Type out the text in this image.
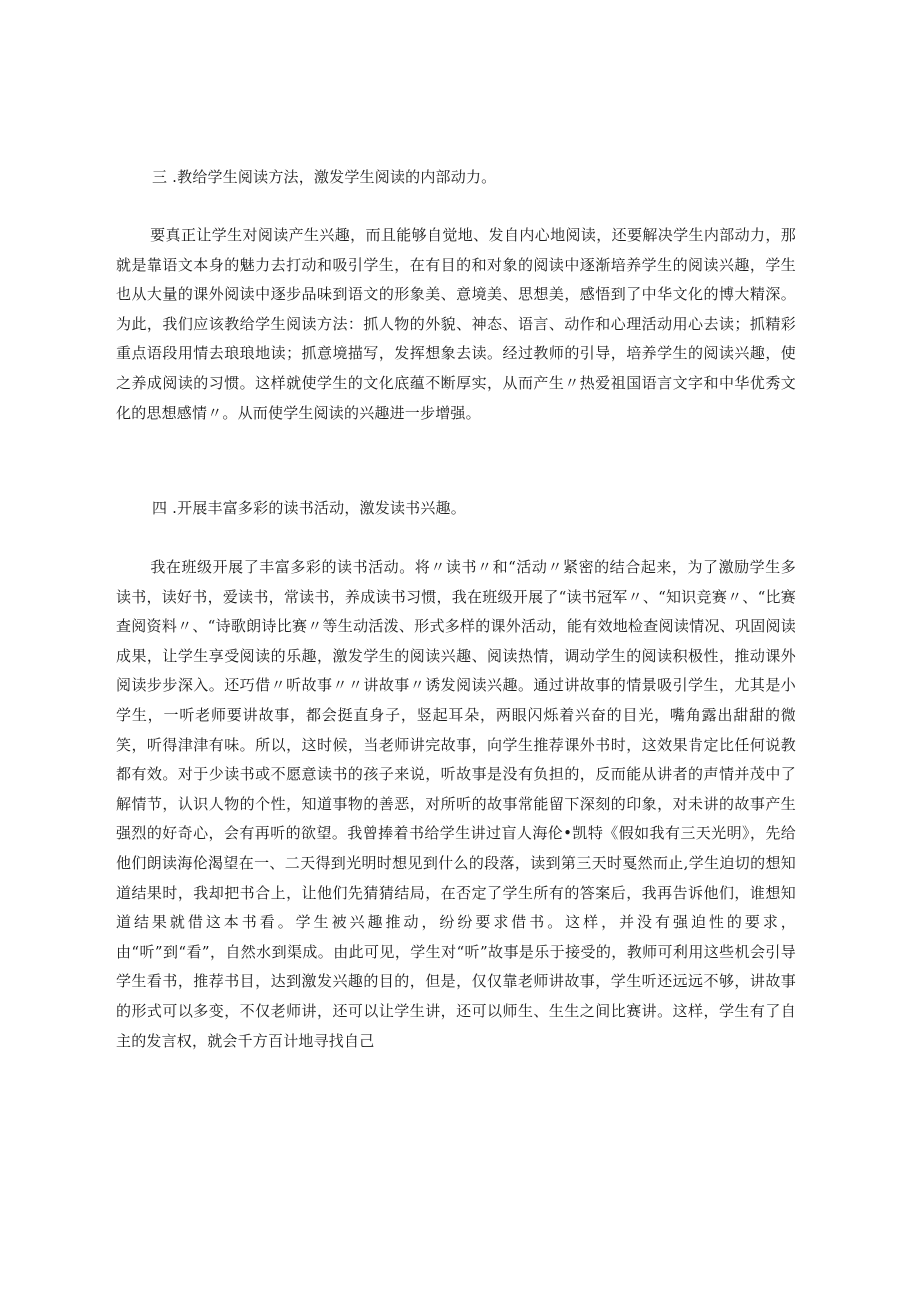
三 .教给学生阅读方法，激发学生阅读的内部动力。
要真正让学生对阅读产生兴趣，而且能够自觉地、发自内心地阅读，还要解决学生内部动力，那就是靠语文本身的魅力去打动和吸引学生，在有目的和对象的阅读中逐渐培养学生的阅读兴趣，学生也从大量的课外阅读中逐步品味到语文的形象美、意境美、思想美，感悟到了中华文化的博大精深。为此，我们应该教给学生阅读方法：抓人物的外貌、神态、语言、动作和心理活动用心去读；抓精彩重点语段用情去琅琅地读；抓意境描写，发挥想象去读。经过教师的引导，培养学生的阅读兴趣，使之养成阅读的习惯。这样就使学生的文化底蕴不断厚实，从而产生〃热爱祖国语言文字和中华优秀文化的思想感情〃。从而使学生阅读的兴趣进一步增强。
四 .开展丰富多彩的读书活动，激发读书兴趣。
我在班级开展了丰富多彩的读书活动。将〃读书〃和“活动〃紧密的结合起来，为了激励学生多读书，读好书，爱读书，常读书，养成读书习惯，我在班级开展了“读书冠军〃、“知识竞赛〃、“比赛查阅资料〃、“诗歌朗诗比赛〃等生动活泼、形式多样的课外活动，能有效地检查阅读情况、巩固阅读成果，让学生享受阅读的乐趣，激发学生的阅读兴趣、阅读热情，调动学生的阅读积极性，推动课外阅读步步深入。还巧借〃听故事〃〃讲故事〃诱发阅读兴趣。通过讲故事的情景吸引学生，尤其是小学生，一听老师要讲故事，都会挺直身子，竖起耳朵，两眼闪烁着兴奋的目光，嘴角露出甜甜的微笑，听得津津有味。所以，这时候，当老师讲完故事，向学生推荐课外书时，这效果肯定比任何说教都有效。对于少读书或不愿意读书的孩子来说，听故事是没有负担的，反而能从讲者的声情并茂中了解情节，认识人物的个性，知道事物的善恶，对所听的故事常能留下深刻的印象，对未讲的故事产生强烈的好奇心，会有再听的欲望。我曾捧着书给学生讲过盲人海伦•凯特《假如我有三天光明》，先给他们朗读海伦渴望在一、二天得到光明时想见到什么的段落，读到第三天时戛然而止,学生迫切的想知道结果时，我却把书合上，让他们先猜猜结局，在否定了学生所有的答案后，我再告诉他们，谁想知道结果就借这本书看。学生被兴趣推动，纷纷要求借书。这样，并没有强迫性的要求，由“听”到“看”，自然水到渠成。由此可见，学生对“听”故事是乐于接受的，教师可利用这些机会引导学生看书，推荐书目，达到激发兴趣的目的，但是，仅仅靠老师讲故事，学生听还远远不够，讲故事的形式可以多变，不仅老师讲，还可以让学生讲，还可以师生、生生之间比赛讲。这样，学生有了自主的发言权，就会千方百计地寻找自己
